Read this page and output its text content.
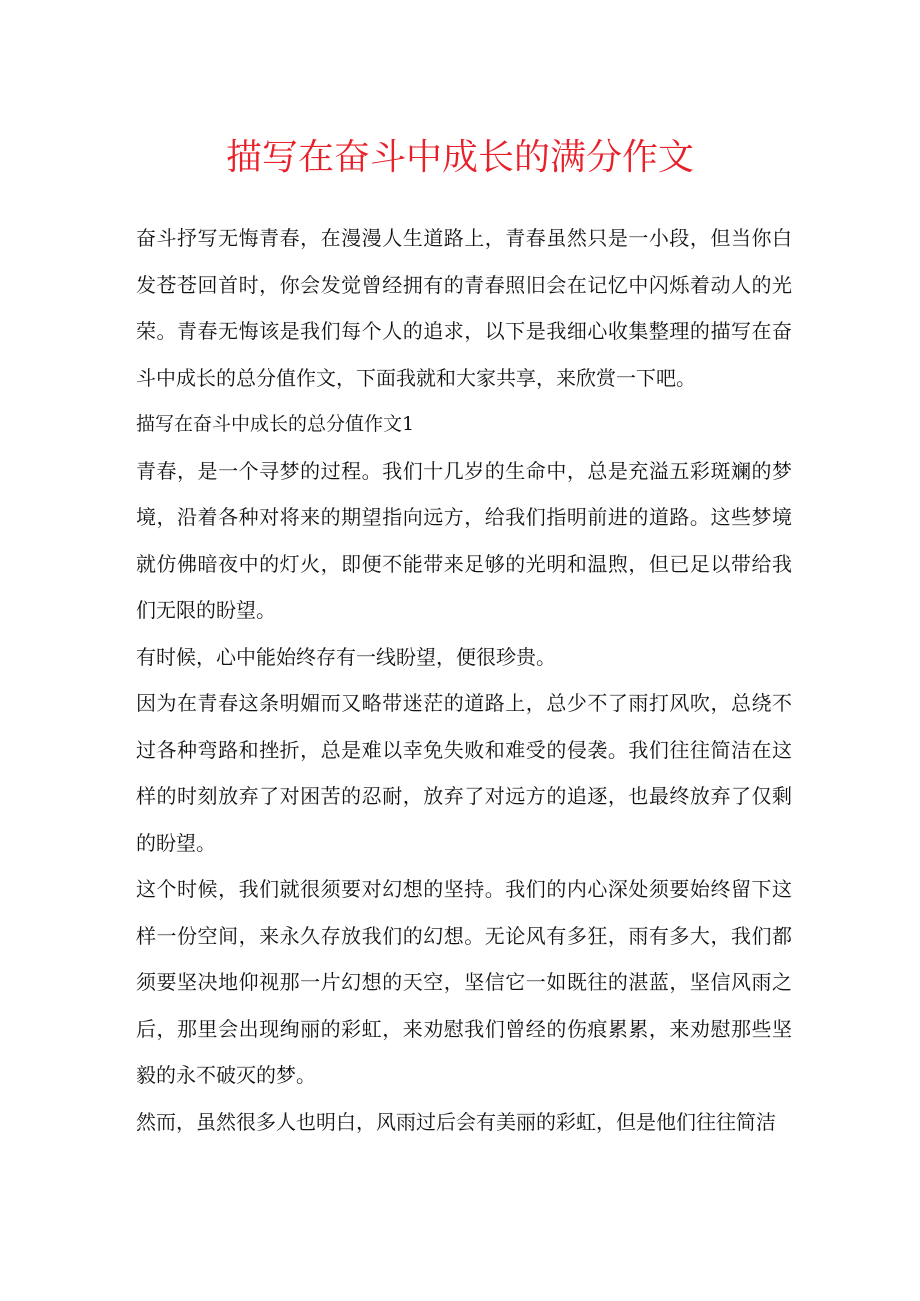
描写在奋斗中成长的满分作文

奋斗抒写无悔青春，在漫漫人生道路上，青春虽然只是一小段，但当你白发苍苍回首时，你会发觉曾经拥有的青春照旧会在记忆中闪烁着动人的光荣。青春无悔该是我们每个人的追求，以下是我细心收集整理的描写在奋斗中成长的总分值作文，下面我就和大家共享，来欣赏一下吧。

描写在奋斗中成长的总分值作文1

青春，是一个寻梦的过程。我们十几岁的生命中，总是充溢五彩斑斓的梦境，沿着各种对将来的期望指向远方，给我们指明前进的道路。这些梦境就仿佛暗夜中的灯火，即便不能带来足够的光明和温煦，但已足以带给我们无限的盼望。

有时候，心中能始终存有一线盼望，便很珍贵。

因为在青春这条明媚而又略带迷茫的道路上，总少不了雨打风吹，总绕不过各种弯路和挫折，总是难以幸免失败和难受的侵袭。我们往往简洁在这样的时刻放弃了对困苦的忍耐，放弃了对远方的追逐，也最终放弃了仅剩的盼望。

这个时候，我们就很须要对幻想的坚持。我们的内心深处须要始终留下这样一份空间，来永久存放我们的幻想。无论风有多狂，雨有多大，我们都须要坚决地仰视那一片幻想的天空，坚信它一如既往的湛蓝，坚信风雨之后，那里会出现绚丽的彩虹，来劝慰我们曾经的伤痕累累，来劝慰那些坚毅的永不破灭的梦。

然而，虽然很多人也明白，风雨过后会有美丽的彩虹，但是他们往往简洁
